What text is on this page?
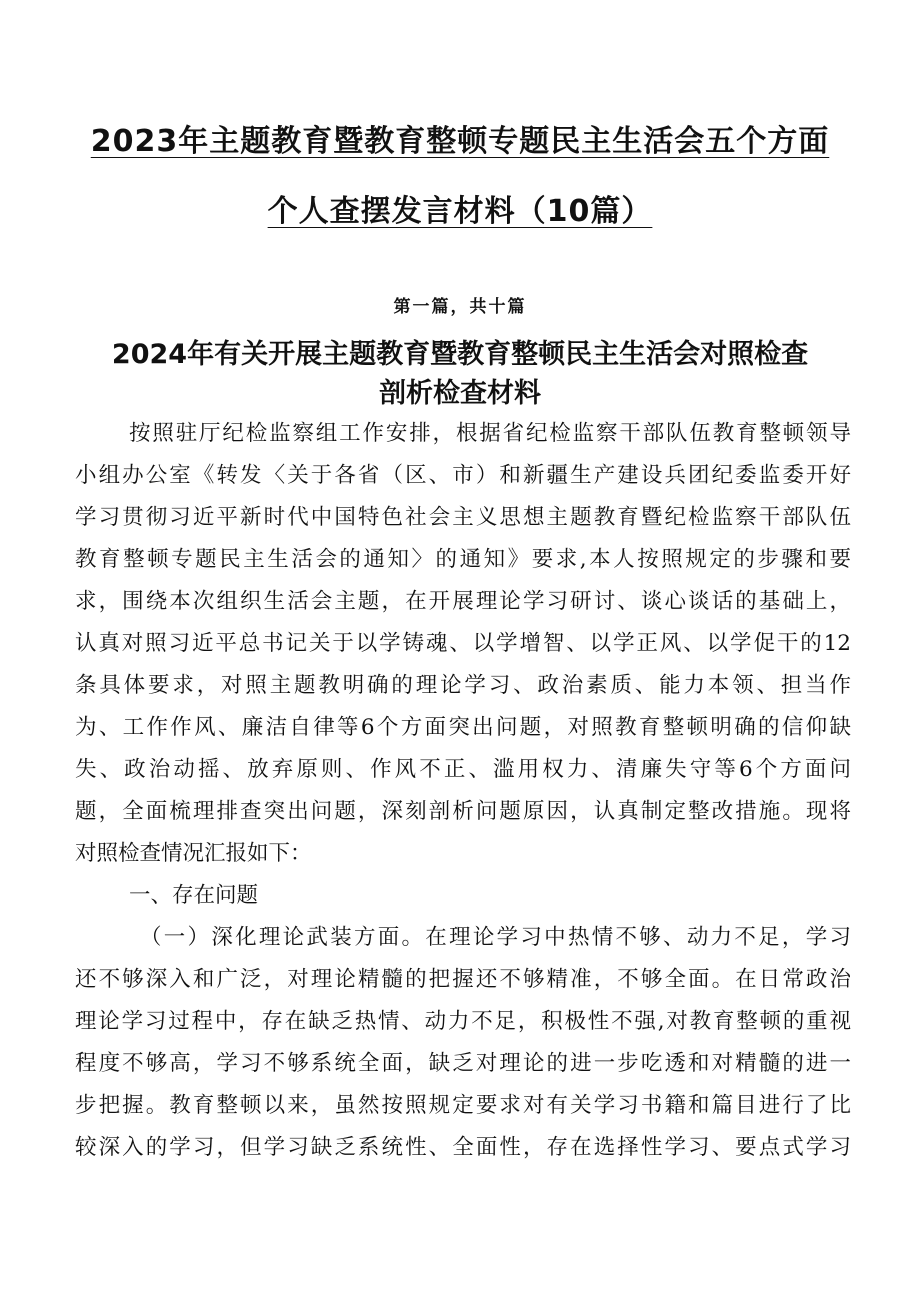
2023年主题教育暨教育整顿专题民主生活会五个方面
个人查摆发言材料（10篇）
第一篇，共十篇
2024年有关开展主题教育暨教育整顿民主生活会对照检查
剖析检查材料
按照驻厅纪检监察组工作安排，根据省纪检监察干部队伍教育整顿领导
小组办公室《转发〈关于各省（区、市）和新疆生产建设兵团纪委监委开好
学习贯彻习近平新时代中国特色社会主义思想主题教育暨纪检监察干部队伍
教育整顿专题民主生活会的通知〉的通知》要求,本人按照规定的步骤和要
求，围绕本次组织生活会主题，在开展理论学习研讨、谈心谈话的基础上，
认真对照习近平总书记关于以学铸魂、以学增智、以学正风、以学促干的12
条具体要求，对照主题教明确的理论学习、政治素质、能力本领、担当作
为、工作作风、廉洁自律等6个方面突出问题，对照教育整顿明确的信仰缺
失、政治动摇、放弃原则、作风不正、滥用权力、清廉失守等6个方面问
题，全面梳理排查突出问题，深刻剖析问题原因，认真制定整改措施。现将
对照检查情况汇报如下：
一、存在问题
（一）深化理论武装方面。在理论学习中热情不够、动力不足，学习
还不够深入和广泛，对理论精髓的把握还不够精准，不够全面。在日常政治
理论学习过程中，存在缺乏热情、动力不足，积极性不强,对教育整顿的重视
程度不够高，学习不够系统全面，缺乏对理论的进一步吃透和对精髓的进一
步把握。教育整顿以来，虽然按照规定要求对有关学习书籍和篇目进行了比
较深入的学习，但学习缺乏系统性、全面性，存在选择性学习、要点式学习
